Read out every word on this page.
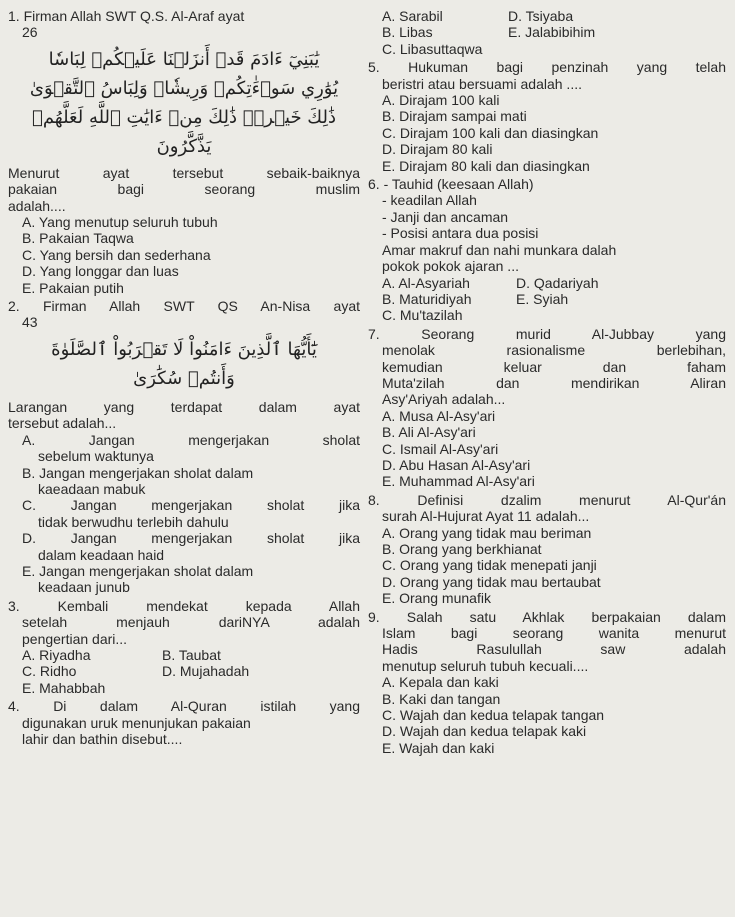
1. Firman Allah SWT Q.S. Al-Araf ayat
26
يَٰبَنِيٓ ءَادَمَ قَدۡ أَنزَلۡنَا عَلَيۡكُمۡ لِبَاسٗا
يُوَٰرِي سَوۡءَٰتِكُمۡ وَرِيشٗاۖ وَلِبَاسُ ٱلتَّقۡوَىٰ
ذَٰلِكَ خَيۡرٞۚ ذَٰلِكَ مِنۡ ءَايَٰتِ ٱللَّهِ لَعَلَّهُمۡ
يَذَّكَّرُونَ
Menurut ayat tersebut sebaik-baiknya
pakaian bagi seorang muslim
adalah....
A. Yang menutup seluruh tubuh
B. Pakaian Taqwa
C. Yang bersih dan sederhana
D. Yang longgar dan luas
E. Pakaian putih
2. Firman Allah SWT QS An-Nisa ayat
43
يَٰٓأَيُّهَا ٱلَّذِينَ ءَامَنُواْ لَا تَقۡرَبُواْ ٱلصَّلَوٰةَ
وَأَنتُمۡ سُكَٰرَىٰ
Larangan yang terdapat dalam ayat
tersebut adalah...
A. Jangan mengerjakan sholat
sebelum waktunya
B. Jangan mengerjakan sholat dalam
kaeadaan mabuk
C. Jangan mengerjakan sholat jika
tidak berwudhu terlebih dahulu
D. Jangan mengerjakan sholat jika
dalam keadaan haid
E. Jangan mengerjakan sholat dalam
keadaan junub
3. Kembali mendekat kepada Allah
setelah menjauh dariNYA adalah
pengertian dari...
A. Riyadha	B. Taubat
C. Ridho	D. Mujahadah
E. Mahabbah
4. Di dalam Al-Quran istilah yang
digunakan uruk menunjukan pakaian
lahir dan bathin disebut....
A. Sarabil	D. Tsiyaba
B. Libas	E. Jalabibihim
C. Libasuttaqwa
5. Hukuman bagi penzinah yang telah
beristri atau bersuami adalah ....
A. Dirajam 100 kali
B. Dirajam sampai mati
C. Dirajam 100 kali dan diasingkan
D. Dirajam 80 kali
E. Dirajam 80 kali dan diasingkan
6. - Tauhid (keesaan Allah)
- keadilan Allah
- Janji dan ancaman
- Posisi antara dua posisi
Amar makruf dan nahi munkara dalah
pokok pokok ajaran ...
A. Al-Asyariah	D. Qadariyah
B. Maturidiyah	E. Syiah
C. Mu'tazilah
7. Seorang murid Al-Jubbay yang
menolak rasionalisme berlebihan,
kemudian keluar dan faham
Muta'zilah dan mendirikan Aliran
Asy'Ariyah adalah...
A. Musa Al-Asy'ari
B. Ali Al-Asy'ari
C. Ismail Al-Asy'ari
D. Abu Hasan Al-Asy'ari
E. Muhammad Al-Asy'ari
8. Definisi dzalim menurut Al-Qur'án
surah Al-Hujurat Ayat 11 adalah...
A. Orang yang tidak mau beriman
B. Orang yang berkhianat
C. Orang yang tidak menepati janji
D. Orang yang tidak mau bertaubat
E. Orang munafik
9. Salah satu Akhlak berpakaian dalam
Islam bagi seorang wanita menurut
Hadis Rasulullah saw adalah
menutup seluruh tubuh kecuali....
A. Kepala dan kaki
B. Kaki dan tangan
C. Wajah dan kedua telapak tangan
D. Wajah dan kedua telapak kaki
E. Wajah dan kaki
